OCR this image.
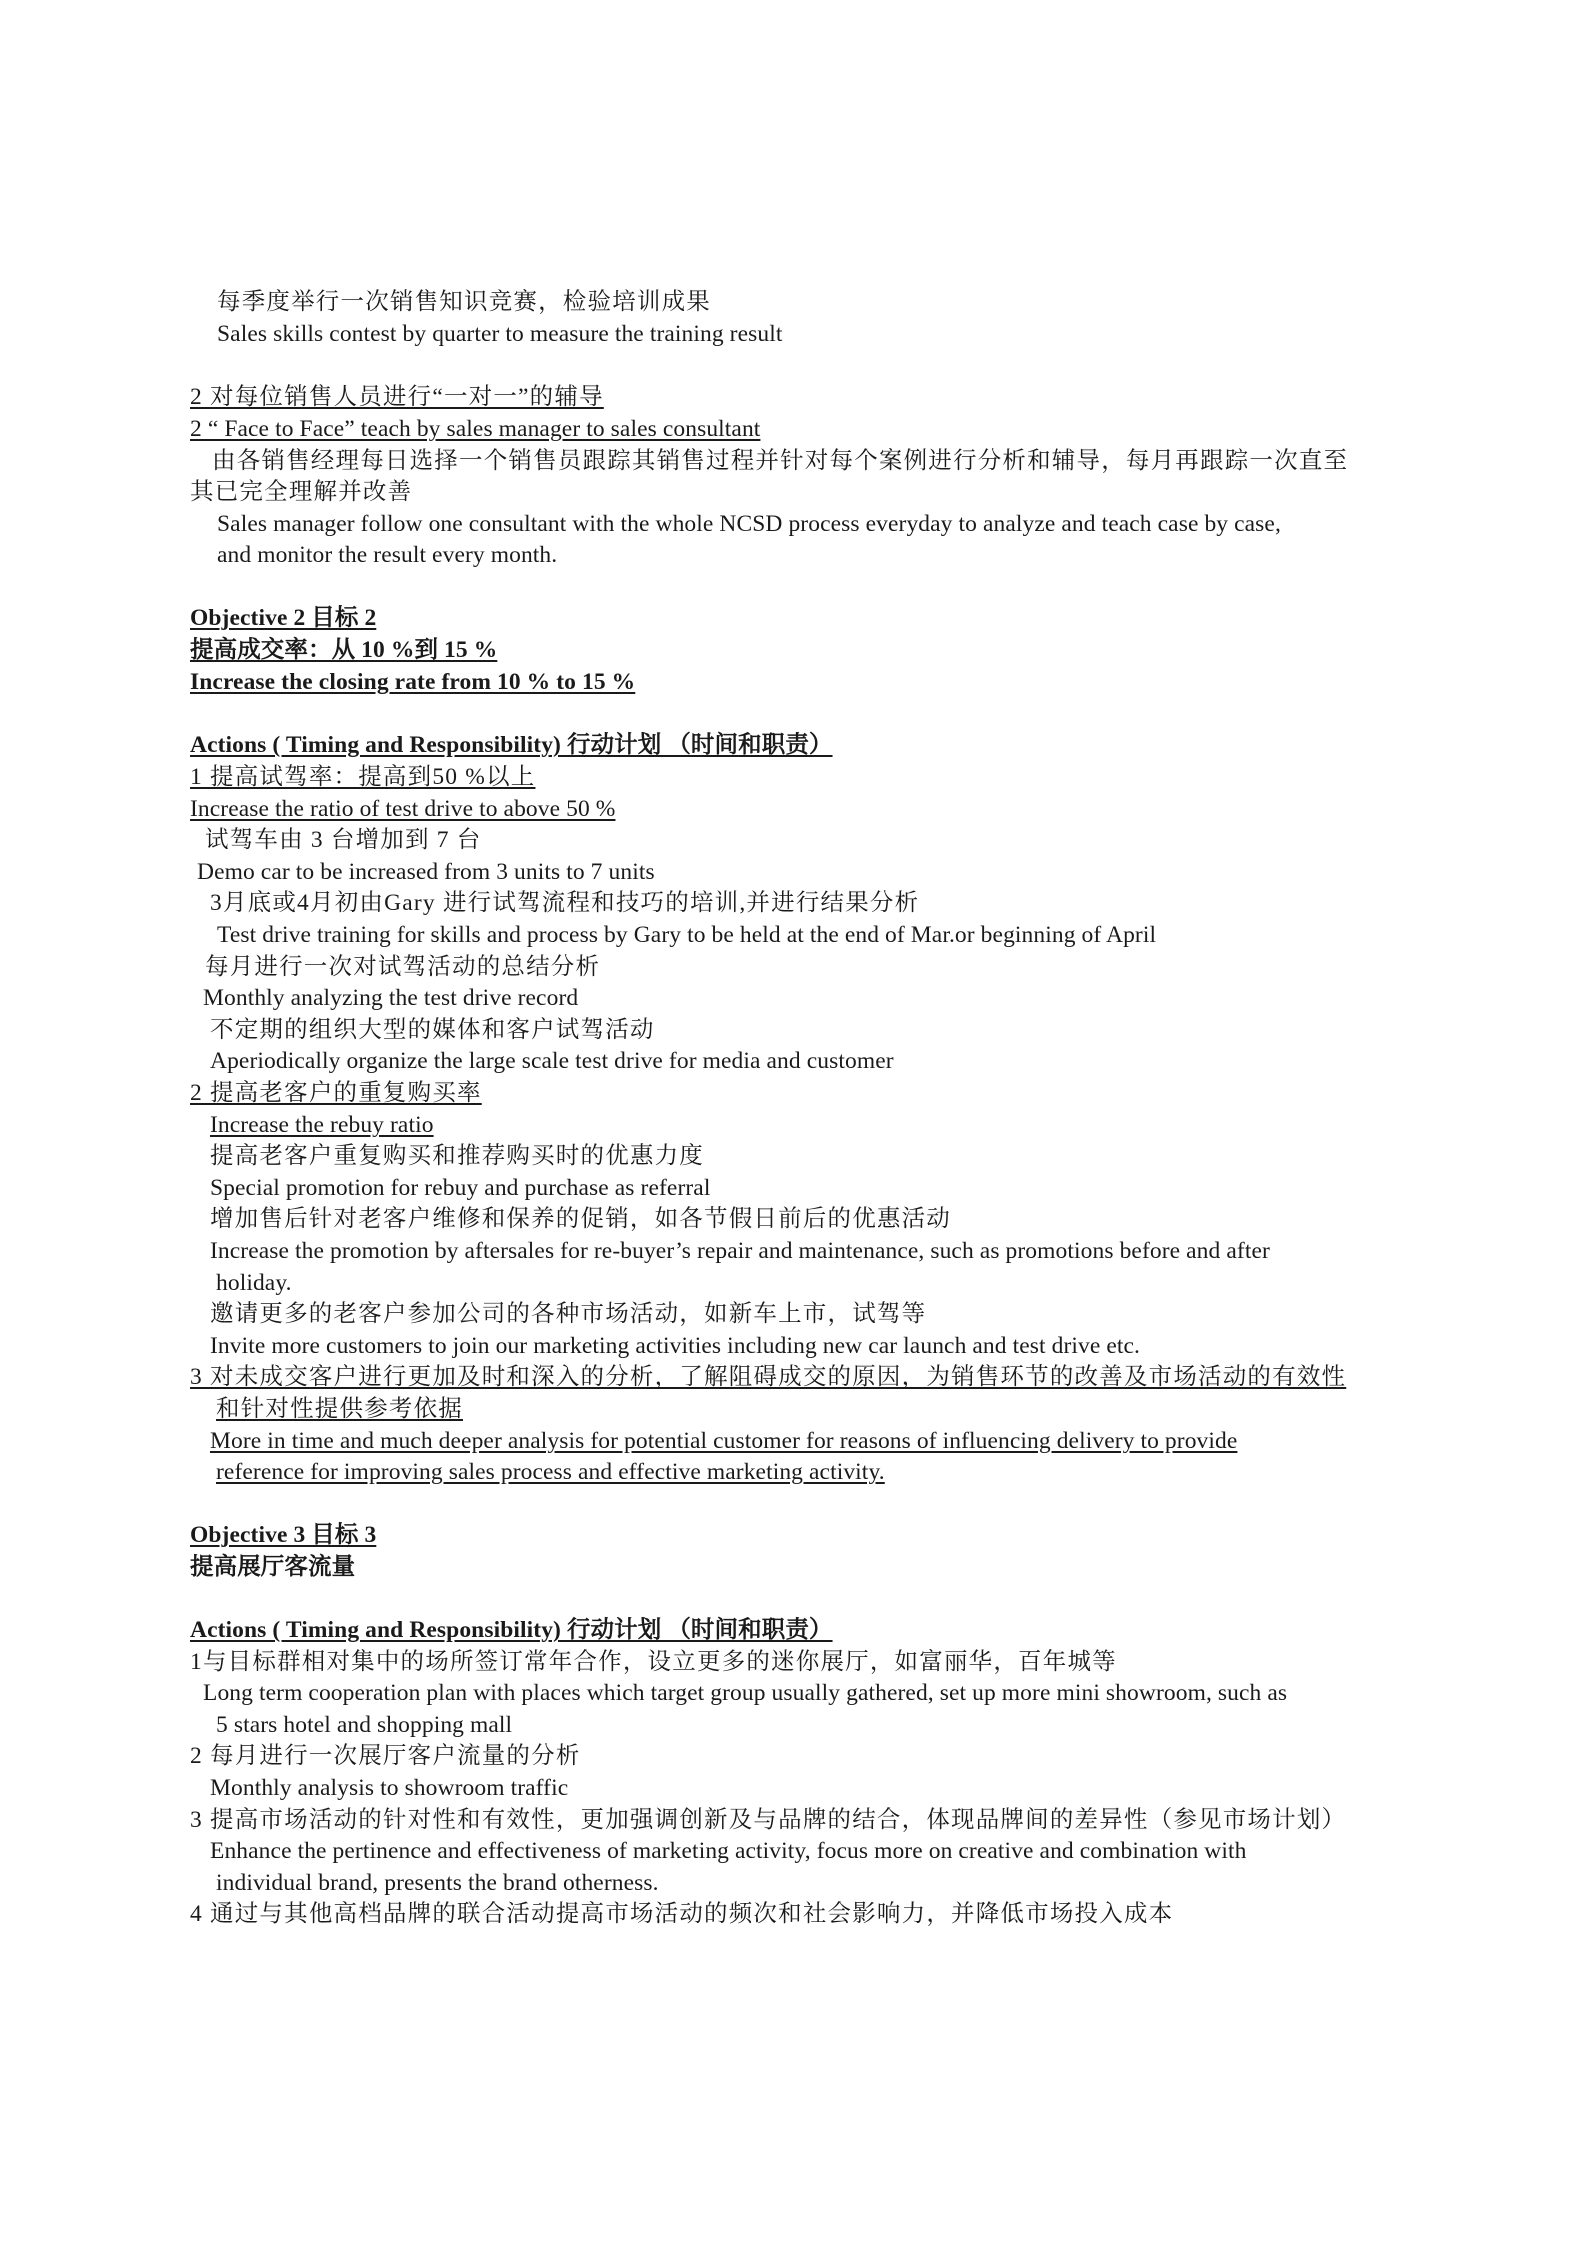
每季度举行一次销售知识竞赛，检验培训成果
Sales skills contest by quarter to measure the training result
2 对每位销售人员进行“一对一”的辅导
2 “ Face to Face” teach by sales manager to sales consultant
由各销售经理每日选择一个销售员跟踪其销售过程并针对每个案例进行分析和辅导，每月再跟踪一次直至
其已完全理解并改善
Sales manager follow one consultant with the whole NCSD process everyday to analyze and teach case by case,
and monitor the result every month.
Objective 2 目标 2
提高成交率：从 10 %到 15 %
Increase the closing rate from 10 % to 15 %
Actions ( Timing and Responsibility) 行动计划 （时间和职责）
1 提高试驾率：提高到50 %以上
Increase the ratio of test drive to above 50 %
试驾车由 3 台增加到 7 台
Demo car to be increased from 3 units to 7 units
3月底或4月初由Gary 进行试驾流程和技巧的培训,并进行结果分析
Test drive training for skills and process by Gary to be held at the end of Mar.or beginning of April
每月进行一次对试驾活动的总结分析
Monthly analyzing the test drive record
不定期的组织大型的媒体和客户试驾活动
Aperiodically organize the large scale test drive for media and customer
2 提高老客户的重复购买率
Increase the rebuy ratio
提高老客户重复购买和推荐购买时的优惠力度
Special promotion for rebuy and purchase as referral
增加售后针对老客户维修和保养的促销，如各节假日前后的优惠活动
Increase the promotion by aftersales for re-buyer’s repair and maintenance, such as promotions before and after
holiday.
邀请更多的老客户参加公司的各种市场活动，如新车上市，试驾等
Invite more customers to join our marketing activities including new car launch and test drive etc.
3 对未成交客户进行更加及时和深入的分析，了解阻碍成交的原因，为销售环节的改善及市场活动的有效性
和针对性提供参考依据
More in time and much deeper analysis for potential customer for reasons of influencing delivery to provide
reference for improving sales process and effective marketing activity.
Objective 3 目标 3
提高展厅客流量
Actions ( Timing and Responsibility) 行动计划 （时间和职责）
1与目标群相对集中的场所签订常年合作，设立更多的迷你展厅，如富丽华，百年城等
Long term cooperation plan with places which target group usually gathered, set up more mini showroom, such as
5 stars hotel and shopping mall
2 每月进行一次展厅客户流量的分析
Monthly analysis to showroom traffic
3 提高市场活动的针对性和有效性，更加强调创新及与品牌的结合，体现品牌间的差异性（参见市场计划）
Enhance the pertinence and effectiveness of marketing activity, focus more on creative and combination with
individual brand, presents the brand otherness.
4 通过与其他高档品牌的联合活动提高市场活动的频次和社会影响力，并降低市场投入成本
